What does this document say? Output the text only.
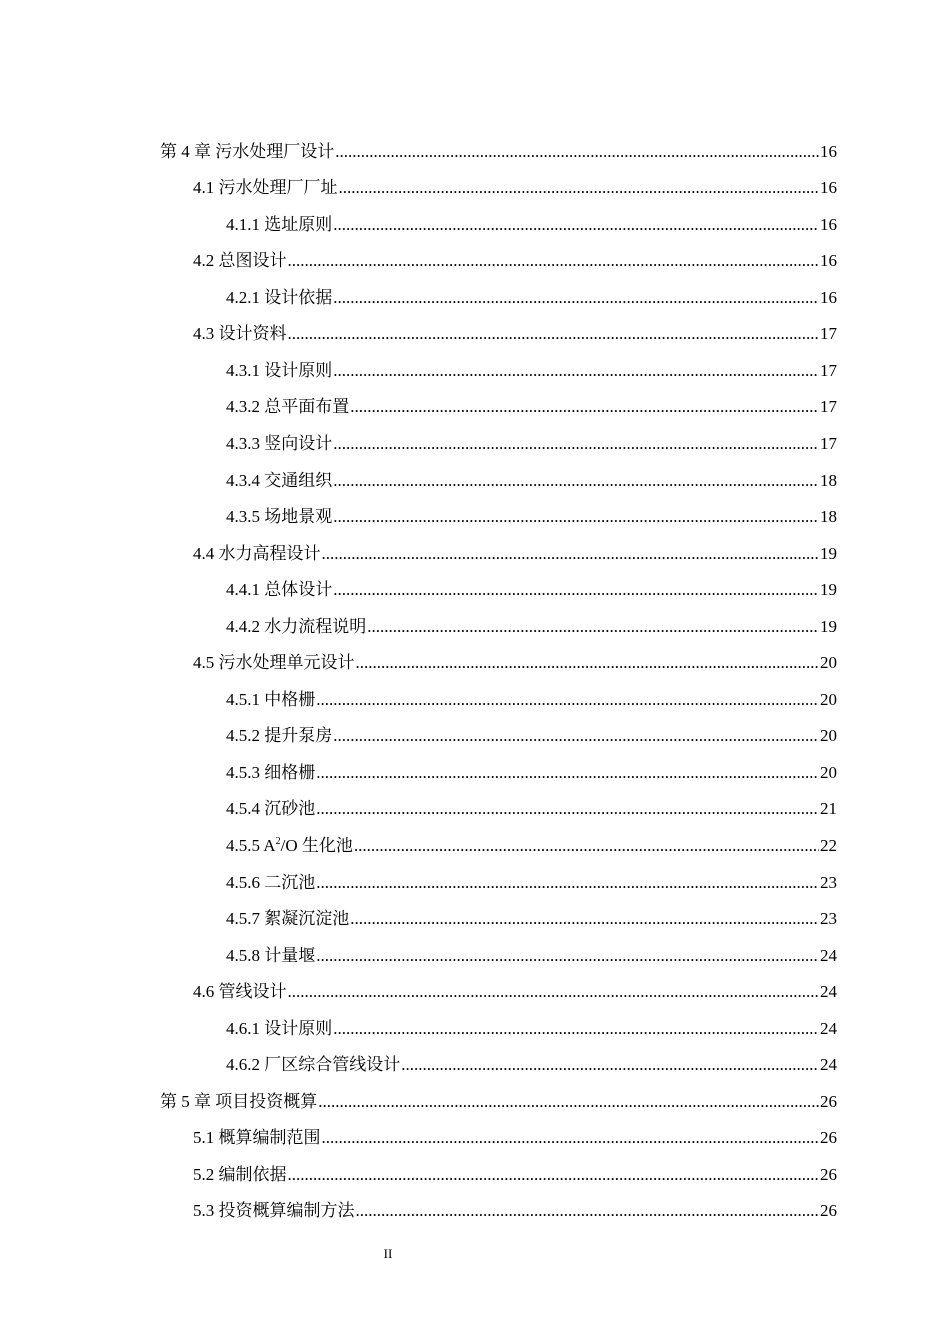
第 4 章 污水处理厂设计 .....	16
4.1 污水处理厂厂址 .....	16
4.1.1 选址原则 .....	16
4.2 总图设计 .....	16
4.2.1 设计依据 .....	16
4.3 设计资料 .....	17
4.3.1 设计原则 .....	17
4.3.2 总平面布置 .....	17
4.3.3 竖向设计 .....	17
4.3.4 交通组织 .....	18
4.3.5 场地景观 .....	18
4.4 水力高程设计 .....	19
4.4.1 总体设计 .....	19
4.4.2 水力流程说明 .....	19
4.5 污水处理单元设计 .....	20
4.5.1 中格栅 .....	20
4.5.2 提升泵房 .....	20
4.5.3 细格栅 .....	20
4.5.4 沉砂池 .....	21
4.5.5 $A^2/O$ 生化池 .....	22
4.5.6 二沉池 .....	23
4.5.7 絮凝沉淀池 .....	23
4.5.8 计量堰 .....	24
4.6 管线设计 .....	24
4.6.1 设计原则 .....	24
4.6.2 厂区综合管线设计 .....	24
第 5 章 项目投资概算 .....	26
5.1 概算编制范围 .....	26
5.2 编制依据 .....	26
5.3 投资概算编制方法 .....	26
II
